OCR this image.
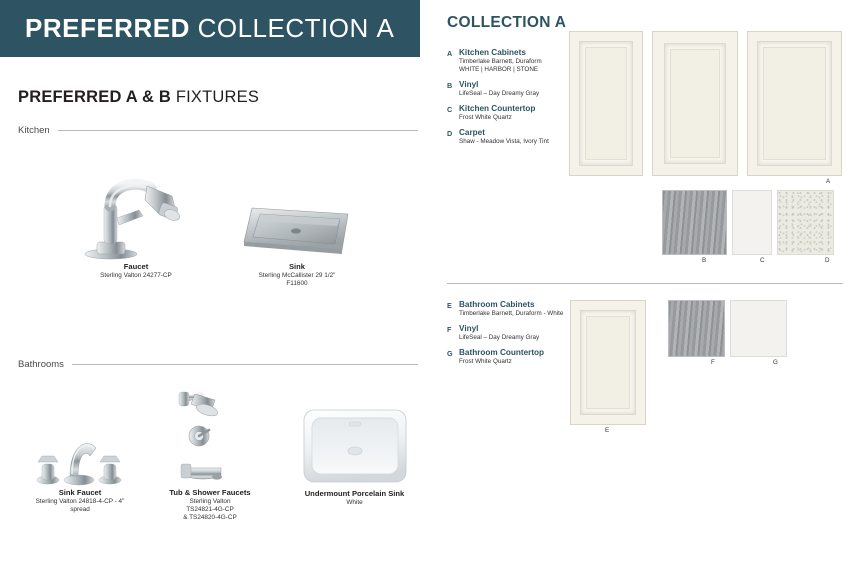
PREFERRED COLLECTION A
PREFERRED A & B FIXTURES
Kitchen
Faucet
Sterling Valton 24277-CP
Sink
Sterling McCallister 29 1/2"
F11600
Bathrooms
Sink Faucet
Sterling Valton 24818-4-CP - 4"
spread
Tub & Shower Faucets
Sterling Valton
TS24821-4G-CP
& TS24820-4G-CP
Undermount Porcelain Sink
White
COLLECTION A
A Kitchen Cabinets
Timberlake Barnett, Duraform
WHITE | HARBOR | STONE
B Vinyl
LifeSeal – Day Dreamy Gray
C Kitchen Countertop
Frost White Quartz
D Carpet
Shaw - Meadow Vista, Ivory Tint
A
B	C	D
E Bathroom Cabinets
Timberlake Barnett, Duraform - White
F Vinyl
LifeSeal – Day Dreamy Gray
G Bathroom Countertop
Frost White Quartz
E
F	G
